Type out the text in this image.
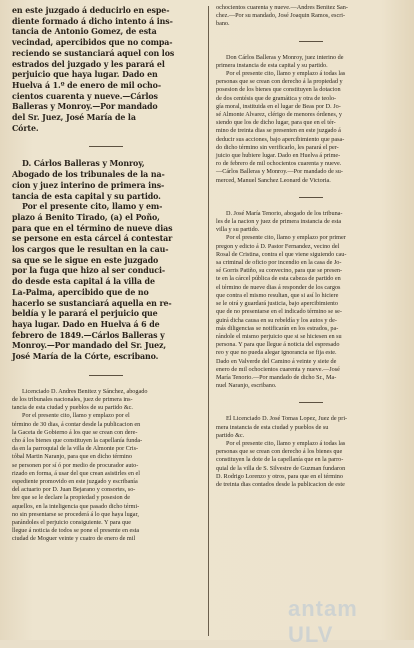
en este juzgado á deducirlo en espe-

diente formado á dicho intento á ins-

tancia de Antonio Gomez, de esta

vecindad, apercibidos que no compa-

reciendo se sustanciará aquel con los

estrados del juzgado y les parará el

perjuicio que haya lugar. Dado en

Huelva á 1.º de enero de mil ocho-

cientos cuarenta y nueve.—Cárlos

Balleras y Monroy.—Por mandado

del Sr. Juez, José María de la

Córte.

D. Cárlos Balleras y Monroy,

Abogado de los tribunales de la na-

cion y juez interino de primera ins-

tancia de esta capital y su partido.

Por el presente cito, llamo y em-

plazo á Benito Tirado, (a) el Poño,

para que en el término de nueve dias

se persone en esta cárcel á contestar

los cargos que le resultan en la cau-

sa que se le sigue en este juzgado

por la fuga que hizo al ser conduci-

do desde esta capital á la villa de

La-Palma, apercibido que de no

hacerlo se sustanciará aquella en re-

beldía y le parará el perjuicio que

haya lugar. Dado en Huelva á 6 de

febrero de 1849.—Cárlos Balleras y

Monroy.—Por mandado del Sr. Juez,

José María de la Córte, escribano.

Licenciado D. Andres Benitez y Sánchez, abogado

de los tribunales nacionales, juez de primera ins-

tancia de esta ciudad y pueblos de su partido &c.

Por el presente cito, llamo y emplazo por el

término de 30 dias, á contar desde la publicacion en

la Gaceta de Gobierno á los que se crean con dere-

cho á los bienes que constituyen la capellanía funda-

da en la parroquial de la villa de Almonte por Cris-

tóbal Martin Naranjo, para que en dicho término

se personen por sí ó por medio de procurador auto-

rizado en forma, á usar del que crean asistirles en el

espediente promovido en este juzgado y escribanía

del actuario por D. Juan Bejarano y consortes, so-

bre que se le declare la propiedad y posesion de

aquellos, en la inteligencia que pasado dicho térmi-

no sin presentarse se procederá á lo que haya lugar,

parándoles el perjuicio consiguiente. Y para que

llegue á noticia de todos se pone el presente en esta

ciudad de Moguer veinte y cuatro de enero de mil

ochocientos cuarenta y nueve.—Andres Benitez San-

chez.—Por su mandado, José Joaquin Ramos, escri-

bano.

Don Cárlos Balleras y Monroy, juez interino de

primera instancia de esta capital y su partido.

Por el presente cito, llamo y emplazo á todas las

personas que se crean con derecho á la propiedad y

posesion de los bienes que constituyen la dotacion

de dos centésis que de gramática y otra de teolo-

gía moral, instituida en el lugar de Beas por D. Jo-

sé Almonte Alvarez, clérigo de menores órdenes, y

siendo que los de dicho lugar, para que en el tér-

mino de treinta dias se presenten en este juzgado á

deducir sus acciones, bajo apercibimiento que pasa-

do dicho término sin verificarlo, les parará el per-

juicio que hubiere lugar. Dado en Huelva á prime-

ro de febrero de mil ochocientos cuarenta y nueve.

—Cárlos Balleras y Monroy.—Por mandado de su-

merced, Manuel Sanchez Leonard de Victoria.

D. José María Tenorio, abogado de los tribuna-

les de la nacion y juez de primera instancia de esta

villa y su partido.

Por el presente cito, llamo y emplazo por primer

pregon y edicto á D. Pastor Fernandez, vecino del

Rosal de Cristina, contra el que viene siguiendo cau-

sa criminal de oficio por incendio en la casa de Jo-

sé Gorris Patiño, su convecino, para que se presen-

te en la cárcel pública de esta cabeza de partido en

el término de nueve dias á responder de los cargos

que contra el mismo resultan, que si así lo hiciere

se le oirá y guardará justicia, bajo apercibimiento

que de no presentarse en el indicado término se se-

guirá dicha causa en su rebeldía y los autos y de-

más diligencias se notificarán en los estrados, pa-

rándole el mismo perjuicio que si se hiciesen en su

persona. Y para que llegue á noticia del espresado

reo y que no pueda alegar ignorancia se fija este.

Dado en Valverde del Camino á veinte y siete de

enero de mil ochocientos cuarenta y nueve.—José

María Tenorio.—Por mandado de dicho Sr., Ma-

nuel Naranjo, escribano.

El Licenciado D. José Tomas Lopez, Juez de pri-

mera instancia de esta ciudad y pueblos de su

partido &c.

Por el presente cito, llamo y emplazo á todas las

personas que se crean con derecho á los bienes que

constituyen la dote de la capellanía que en la parro-

quial de la villa de S. Silvestre de Guzman fundaron

D. Rodrigo Lorenzo y otros, para que en el término

de treinta dias contados desde la publicacion de este

antam ULV
